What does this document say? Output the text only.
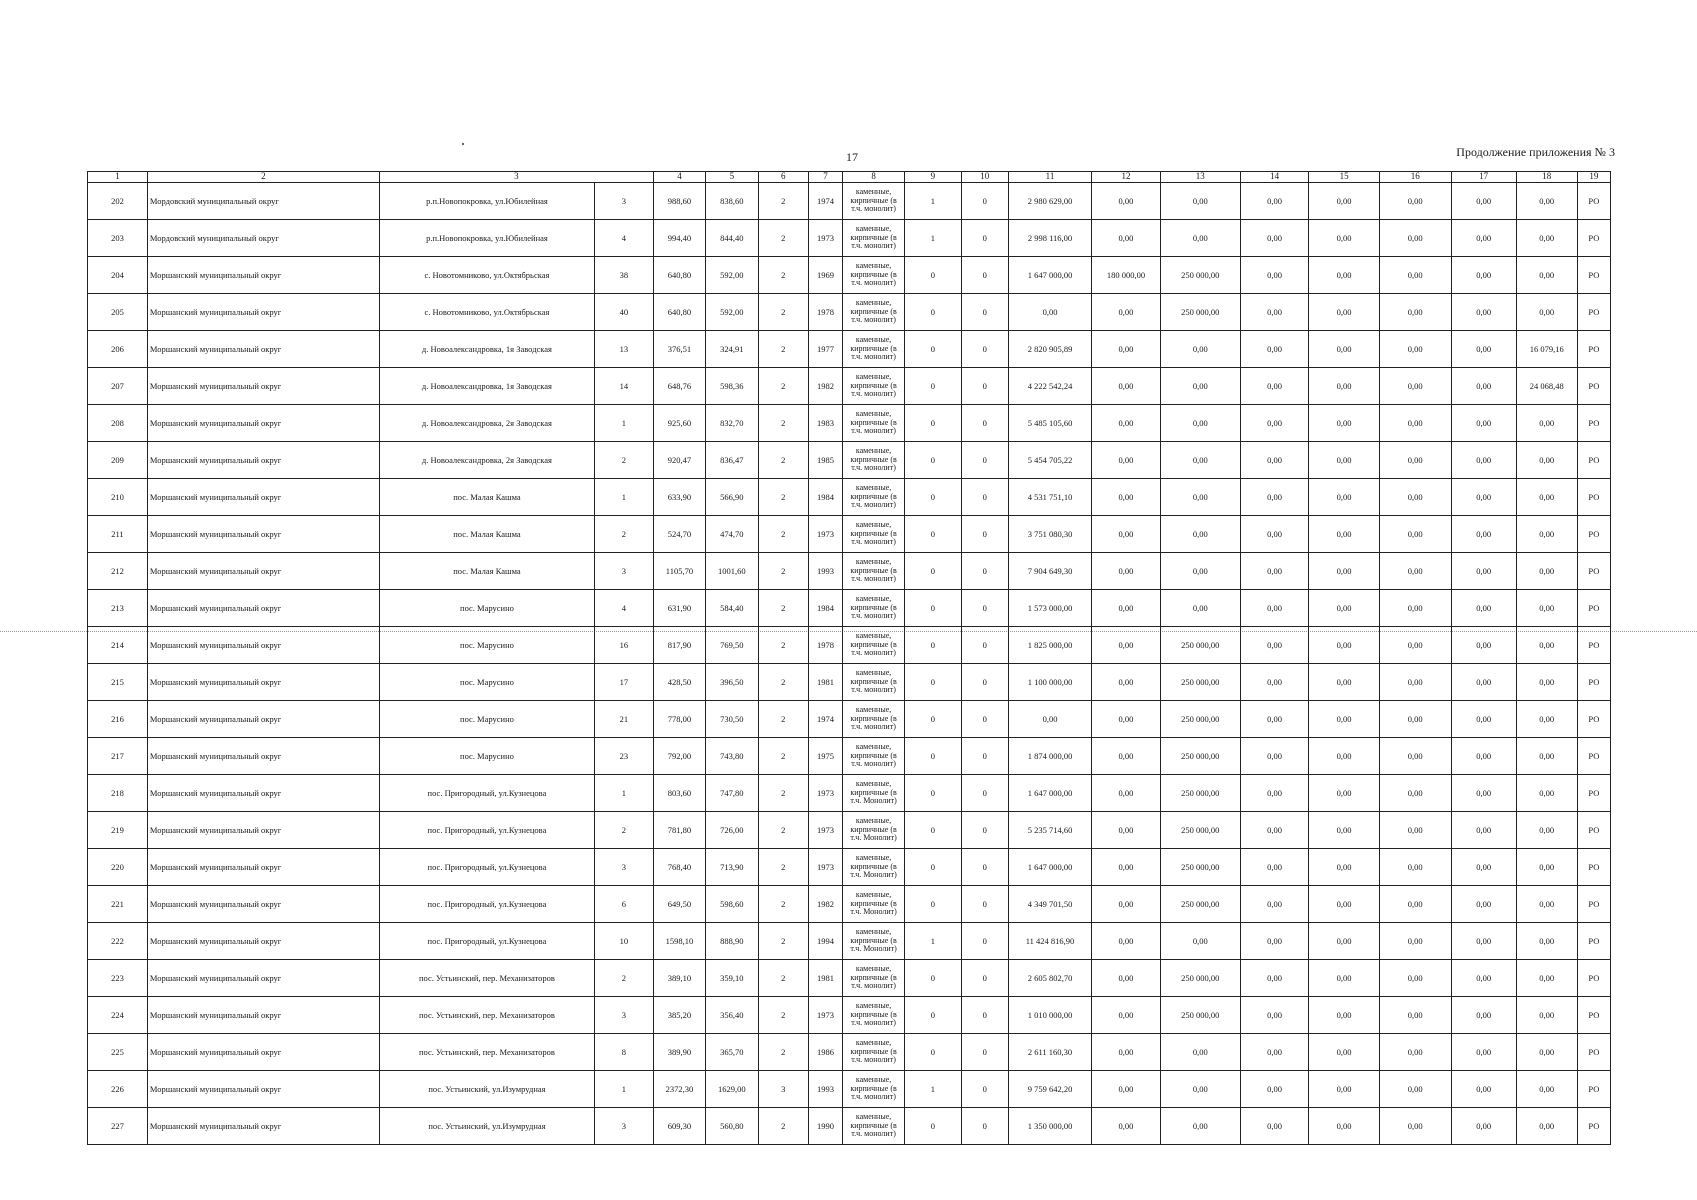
17	Продолжение приложения № 3
1	2	3		4	5	6	7	8	9	10	11	12	13	14	15	16	17	18	19
202	Мордовский муниципальный округ	р.п.Новопокровка, ул.Юбилейная	3	988,60	838,60	2	1974	каменные, кирпичные (в т.ч. монолит)	1	0	2 980 629,00	0,00	0,00	0,00	0,00	0,00	0,00	0,00	РО
203	Мордовский муниципальный округ	р.п.Новопокровка, ул.Юбилейная	4	994,40	844,40	2	1973	каменные, кирпичные (в т.ч. монолит)	1	0	2 998 116,00	0,00	0,00	0,00	0,00	0,00	0,00	0,00	РО
204	Моршанский муниципальный округ	с. Новотомниково, ул.Октябрьская	38	640,80	592,00	2	1969	каменные, кирпичные (в т.ч. монолит)	0	0	1 647 000,00	180 000,00	250 000,00	0,00	0,00	0,00	0,00	0,00	РО
205	Моршанский муниципальный округ	с. Новотомниково, ул.Октябрьская	40	640,80	592,00	2	1978	каменные, кирпичные (в т.ч. монолит)	0	0	0,00	0,00	250 000,00	0,00	0,00	0,00	0,00	0,00	РО
206	Моршанский муниципальный округ	д. Новоалександровка, 1я Заводская	13	376,51	324,91	2	1977	каменные, кирпичные (в т.ч. монолит)	0	0	2 820 905,89	0,00	0,00	0,00	0,00	0,00	0,00	16 079,16	РО
207	Моршанский муниципальный округ	д. Новоалександровка, 1я Заводская	14	648,76	598,36	2	1982	каменные, кирпичные (в т.ч. монолит)	0	0	4 222 542,24	0,00	0,00	0,00	0,00	0,00	0,00	24 068,48	РО
208	Моршанский муниципальный округ	д. Новоалександровка, 2я Заводская	1	925,60	832,70	2	1983	каменные, кирпичные (в т.ч. монолит)	0	0	5 485 105,60	0,00	0,00	0,00	0,00	0,00	0,00	0,00	РО
209	Моршанский муниципальный округ	д. Новоалександровка, 2я Заводская	2	920,47	836,47	2	1985	каменные, кирпичные (в т.ч. монолит)	0	0	5 454 705,22	0,00	0,00	0,00	0,00	0,00	0,00	0,00	РО
210	Моршанский муниципальный округ	пос. Малая Кашма	1	633,90	566,90	2	1984	каменные, кирпичные (в т.ч. монолит)	0	0	4 531 751,10	0,00	0,00	0,00	0,00	0,00	0,00	0,00	РО
211	Моршанский муниципальный округ	пос. Малая Кашма	2	524,70	474,70	2	1973	каменные, кирпичные (в т.ч. монолит)	0	0	3 751 080,30	0,00	0,00	0,00	0,00	0,00	0,00	0,00	РО
212	Моршанский муниципальный округ	пос. Малая Кашма	3	1105,70	1001,60	2	1993	каменные, кирпичные (в т.ч. монолит)	0	0	7 904 649,30	0,00	0,00	0,00	0,00	0,00	0,00	0,00	РО
213	Моршанский муниципальный округ	пос. Марусино	4	631,90	584,40	2	1984	каменные, кирпичные (в т.ч. монолит)	0	0	1 573 000,00	0,00	0,00	0,00	0,00	0,00	0,00	0,00	РО
214	Моршанский муниципальный округ	пос. Марусино	16	817,90	769,50	2	1978	каменные, кирпичные (в т.ч. монолит)	0	0	1 825 000,00	0,00	250 000,00	0,00	0,00	0,00	0,00	0,00	РО
215	Моршанский муниципальный округ	пос. Марусино	17	428,50	396,50	2	1981	каменные, кирпичные (в т.ч. монолит)	0	0	1 100 000,00	0,00	250 000,00	0,00	0,00	0,00	0,00	0,00	РО
216	Моршанский муниципальный округ	пос. Марусино	21	778,00	730,50	2	1974	каменные, кирпичные (в т.ч. монолит)	0	0	0,00	0,00	250 000,00	0,00	0,00	0,00	0,00	0,00	РО
217	Моршанский муниципальный округ	пос. Марусино	23	792,00	743,80	2	1975	каменные, кирпичные (в т.ч. монолит)	0	0	1 874 000,00	0,00	250 000,00	0,00	0,00	0,00	0,00	0,00	РО
218	Моршанский муниципальный округ	пос. Пригородный, ул.Кузнецова	1	803,60	747,80	2	1973	каменные, кирпичные (в т.ч. Монолит)	0	0	1 647 000,00	0,00	250 000,00	0,00	0,00	0,00	0,00	0,00	РО
219	Моршанский муниципальный округ	пос. Пригородный, ул.Кузнецова	2	781,80	726,00	2	1973	каменные, кирпичные (в т.ч. Монолит)	0	0	5 235 714,60	0,00	250 000,00	0,00	0,00	0,00	0,00	0,00	РО
220	Моршанский муниципальный округ	пос. Пригородный, ул.Кузнецова	3	768,40	713,90	2	1973	каменные, кирпичные (в т.ч. Монолит)	0	0	1 647 000,00	0,00	250 000,00	0,00	0,00	0,00	0,00	0,00	РО
221	Моршанский муниципальный округ	пос. Пригородный, ул.Кузнецова	6	649,50	598,60	2	1982	каменные, кирпичные (в т.ч. Монолит)	0	0	4 349 701,50	0,00	250 000,00	0,00	0,00	0,00	0,00	0,00	РО
222	Моршанский муниципальный округ	пос. Пригородный, ул.Кузнецова	10	1598,10	888,90	2	1994	каменные, кирпичные (в т.ч. Монолит)	1	0	11 424 816,90	0,00	0,00	0,00	0,00	0,00	0,00	0,00	РО
223	Моршанский муниципальный округ	пос. Устьинский, пер. Механизаторов	2	389,10	359,10	2	1981	каменные, кирпичные (в т.ч. монолит)	0	0	2 605 802,70	0,00	250 000,00	0,00	0,00	0,00	0,00	0,00	РО
224	Моршанский муниципальный округ	пос. Устьинский, пер. Механизаторов	3	385,20	356,40	2	1973	каменные, кирпичные (в т.ч. монолит)	0	0	1 010 000,00	0,00	250 000,00	0,00	0,00	0,00	0,00	0,00	РО
225	Моршанский муниципальный округ	пос. Устьинский, пер. Механизаторов	8	389,90	365,70	2	1986	каменные, кирпичные (в т.ч. монолит)	0	0	2 611 160,30	0,00	0,00	0,00	0,00	0,00	0,00	0,00	РО
226	Моршанский муниципальный округ	пос. Устьинский, ул.Изумрудная	1	2372,30	1629,00	3	1993	каменные, кирпичные (в т.ч. монолит)	1	0	9 759 642,20	0,00	0,00	0,00	0,00	0,00	0,00	0,00	РО
227	Моршанский муниципальный округ	пос. Устьинский, ул.Изумрудная	3	609,30	560,80	2	1990	каменные, кирпичные (в т.ч. монолит)	0	0	1 350 000,00	0,00	0,00	0,00	0,00	0,00	0,00	0,00	РО
